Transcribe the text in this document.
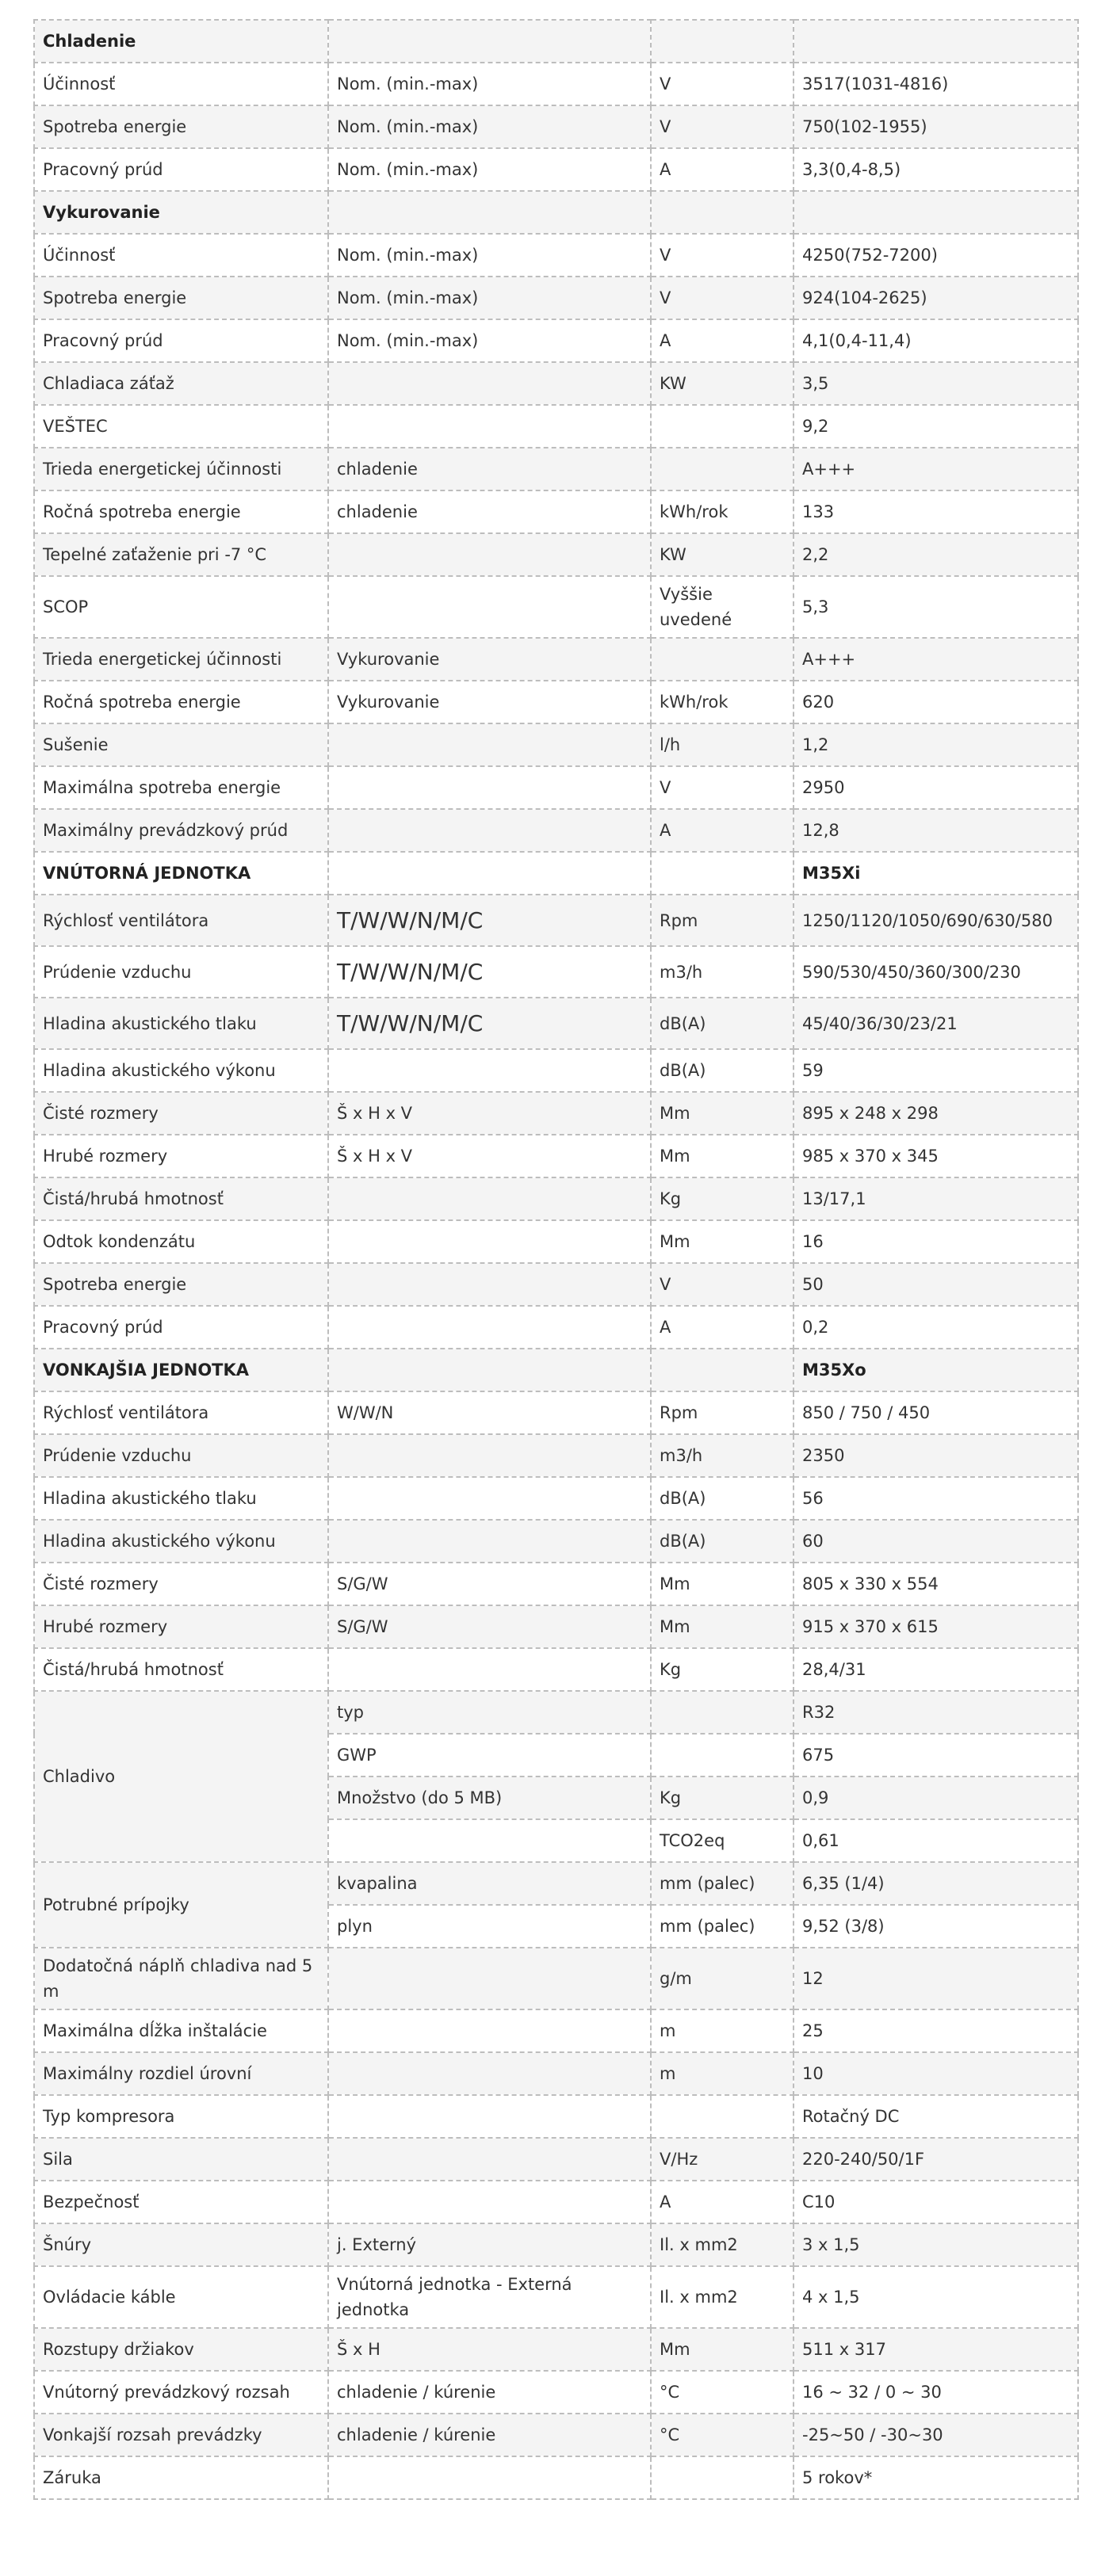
Chladenie			
Účinnosť	Nom. (min.-max)	V	3517(1031-4816)
Spotreba energie	Nom. (min.-max)	V	750(102-1955)
Pracovný prúd	Nom. (min.-max)	A	3,3(0,4-8,5)
Vykurovanie			
Účinnosť	Nom. (min.-max)	V	4250(752-7200)
Spotreba energie	Nom. (min.-max)	V	924(104-2625)
Pracovný prúd	Nom. (min.-max)	A	4,1(0,4-11,4)
Chladiaca záťaž		KW	3,5
VEŠTEC			9,2
Trieda energetickej účinnosti	chladenie		A+++
Ročná spotreba energie	chladenie	kWh/rok	133
Tepelné zaťaženie pri -7 °C		KW	2,2
SCOP		Vyššie uvedené	5,3
Trieda energetickej účinnosti	Vykurovanie		A+++
Ročná spotreba energie	Vykurovanie	kWh/rok	620
Sušenie		l/h	1,2
Maximálna spotreba energie		V	2950
Maximálny prevádzkový prúd		A	12,8
VNÚTORNÁ JEDNOTKA			M35Xi
Rýchlosť ventilátora	T/W/W/N/M/C	Rpm	1250/1120/1050/690/630/580
Prúdenie vzduchu	T/W/W/N/M/C	m3/h	590/530/450/360/300/230
Hladina akustického tlaku	T/W/W/N/M/C	dB(A)	45/40/36/30/23/21
Hladina akustického výkonu		dB(A)	59
Čisté rozmery	Š x H x V	Mm	895 x 248 x 298
Hrubé rozmery	Š x H x V	Mm	985 x 370 x 345
Čistá/hrubá hmotnosť		Kg	13/17,1
Odtok kondenzátu		Mm	16
Spotreba energie		V	50
Pracovný prúd		A	0,2
VONKAJŠIA JEDNOTKA			M35Xo
Rýchlosť ventilátora	W/W/N	Rpm	850 / 750 / 450
Prúdenie vzduchu		m3/h	2350
Hladina akustického tlaku		dB(A)	56
Hladina akustického výkonu		dB(A)	60
Čisté rozmery	S/G/W	Mm	805 x 330 x 554
Hrubé rozmery	S/G/W	Mm	915 x 370 x 615
Čistá/hrubá hmotnosť		Kg	28,4/31
Chladivo	typ		R32
	GWP		675
	Množstvo (do 5 MB)	Kg	0,9
		TCO2eq	0,61
Potrubné prípojky	kvapalina	mm (palec)	6,35 (1/4)
	plyn	mm (palec)	9,52 (3/8)
Dodatočná náplň chladiva nad 5 m		g/m	12
Maximálna dĺžka inštalácie		m	25
Maximálny rozdiel úrovní		m	10
Typ kompresora			Rotačný DC
Sila		V/Hz	220-240/50/1F
Bezpečnosť		A	C10
Šnúry	j. Externý	Il. x mm2	3 x 1,5
Ovládacie káble	Vnútorná jednotka - Externá jednotka	Il. x mm2	4 x 1,5
Rozstupy držiakov	Š x H	Mm	511 x 317
Vnútorný prevádzkový rozsah	chladenie / kúrenie	°C	16 ~ 32 / 0 ~ 30
Vonkajší rozsah prevádzky	chladenie / kúrenie	°C	-25~50 / -30~30
Záruka			5 rokov*
